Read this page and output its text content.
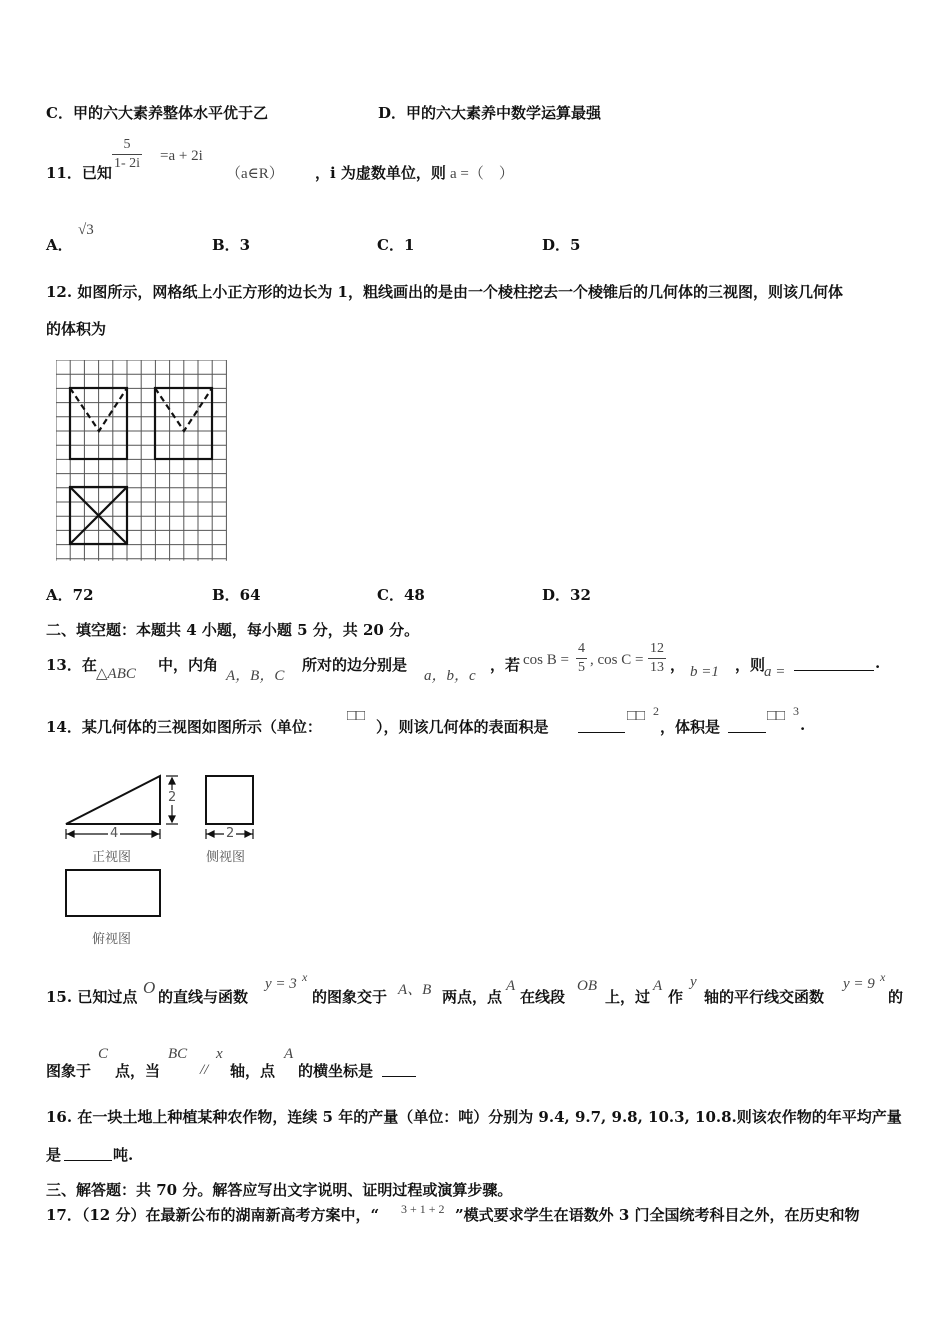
C．甲的六大素养整体水平优于乙	D．甲的六大素养中数学运算最强
11．已知 $\frac{5}{1- 2i} =a + 2i$
（a∈R） ，i 为虚数单位，则 a =（　）
A．
√3
B．3	C．1	D．5
12. 如图所示，网格纸上小正方形的边长为 1，粗线画出的是由一个棱柱挖去一个棱锥后的几何体的三视图，则该几何体
的体积为
A．72	B．64	C．48	D．32
二、填空题：本题共 4 小题，每小题 5 分，共 20 分。
13．在 △ABC 中，内角
A，B，C
所对的边分别是
a，b，c
，若 $\cos B = \frac{4}{5}$ , $\cos C = \frac{12}{13}$ ， b =1 ，则
a =	.
14．某几何体的三视图如图所示（单位：
□□
），则该几何体的表面积是
□□ 2
，体积是
□□ 3
.
2
4	2
正视图	侧视图
俯视图
15. 已知过点 O 的直线与函数
y = 3 x
的图象交于 A、B 两点，点
A
在线段
OB
上，过
A
作
y
轴的平行线交函数
y = 9 x
的
图象于
C
点，当
BC
//
x
轴，点
A
的横坐标是
16. 在一块土地上种植某种农作物，连续 5 年的产量（单位：吨）分别为 9.4, 9.7, 9.8, 10.3, 10.8.则该农作物的年平均产量
是	吨.
三、解答题：共 70 分。解答应写出文字说明、证明过程或演算步骤。
17．（12 分）在最新公布的湖南新高考方案中，“ 3 + 1 + 2 ”模式要求学生在语数外 3 门全国统考科目之外，在历史和物
